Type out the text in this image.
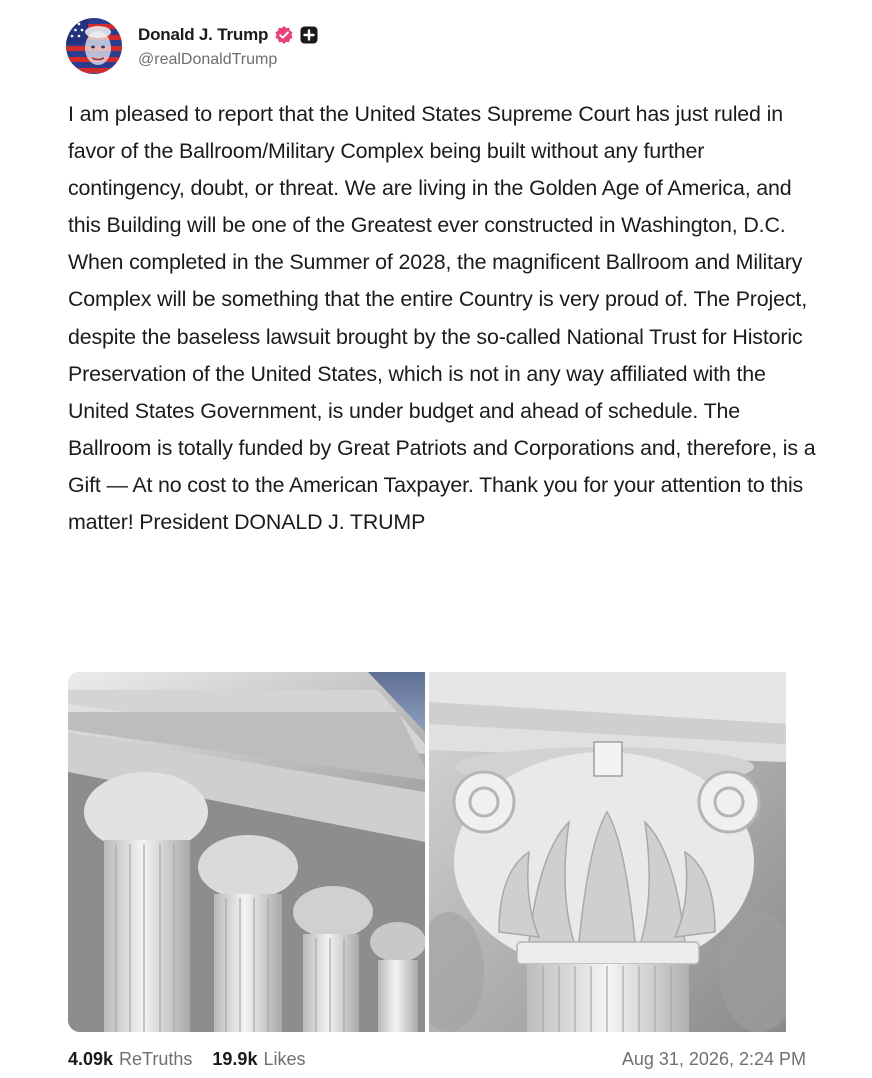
Donald J. Trump
@realDonaldTrump
I am pleased to report that the United States Supreme Court has just ruled in favor of the Ballroom/Military Complex being built without any further contingency, doubt, or threat. We are living in the Golden Age of America, and this Building will be one of the Greatest ever constructed in Washington, D.C. When completed in the Summer of 2028, the magnificent Ballroom and Military Complex will be something that the entire Country is very proud of. The Project, despite the baseless lawsuit brought by the so-called National Trust for Historic Preservation of the United States, which is not in any way affiliated with the United States Government, is under budget and ahead of schedule. The Ballroom is totally funded by Great Patriots and Corporations and, therefore, is a Gift — At no cost to the American Taxpayer. Thank you for your attention to this matter! President DONALD J. TRUMP
4.09k ReTruths 19.9k Likes	Aug 31, 2026, 2:24 PM
